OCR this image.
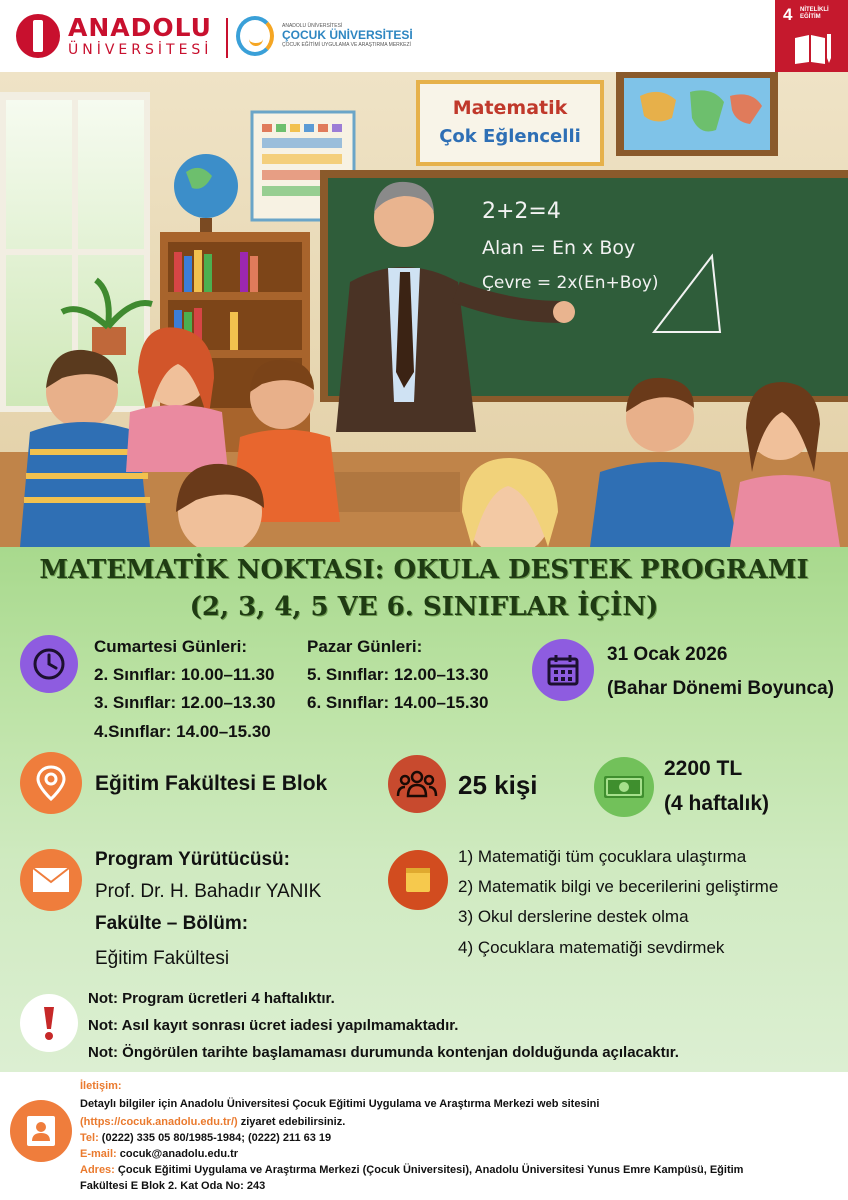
ANADOLU
ÜNİVERSİTESİ
ANADOLU ÜNİVERSİTESİ
ÇOCUK ÜNİVERSİTESİ
ÇOCUK EĞİTİMİ UYGULAMA VE ARAŞTIRMA MERKEZİ
4 NİTELİKLİ EĞİTİM
Matematik
Çok Eğlencelli
2+2=4
Alan = En x Boy
Çevre = 2x(En+Boy)
MATEMATİK NOKTASI: OKULA DESTEK PROGRAMI
(2, 3, 4, 5 VE 6. SINIFLAR İÇİN)
Cumartesi Günleri:
2. Sınıflar: 10.00–11.30
3. Sınıflar: 12.00–13.30
4.Sınıflar: 14.00–15.30
Pazar Günleri:
5. Sınıflar: 12.00–13.30
6. Sınıflar: 14.00–15.30
31 Ocak 2026
(Bahar Dönemi Boyunca)
Eğitim Fakültesi E Blok	25 kişi
2200 TL
(4 haftalık)
Program Yürütücüsü:
Prof. Dr. H. Bahadır YANIK
Fakülte – Bölüm:
Eğitim Fakültesi
1) Matematiği tüm çocuklara ulaştırma
2) Matematik bilgi ve becerilerini geliştirme
3) Okul derslerine destek olma
4) Çocuklara matematiği sevdirmek
Not: Program ücretleri 4 haftalıktır.
Not: Asıl kayıt sonrası ücret iadesi yapılmamaktadır.
Not: Öngörülen tarihte başlamaması durumunda kontenjan dolduğunda açılacaktır.
İletişim:
Detaylı bilgiler için Anadolu Üniversitesi Çocuk Eğitimi Uygulama ve Araştırma Merkezi web sitesini
(https://cocuk.anadolu.edu.tr/) ziyaret edebilirsiniz.
Tel: (0222) 335 05 80/1985-1984; (0222) 211 63 19
E-mail: cocuk@anadolu.edu.tr
Adres: Çocuk Eğitimi Uygulama ve Araştırma Merkezi (Çocuk Üniversitesi), Anadolu Üniversitesi Yunus Emre Kampüsü, Eğitim
Fakültesi E Blok 2. Kat Oda No: 243
